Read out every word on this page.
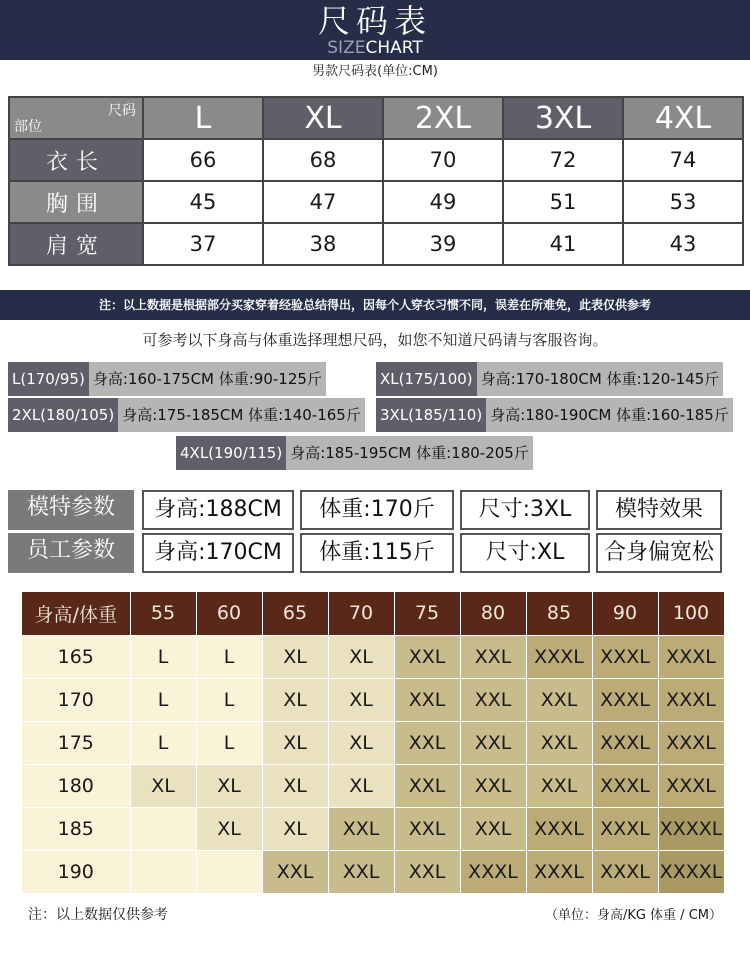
尺码表
SIZECHART
男款尺码表(单位:CM)
尺码
部位	L	XL	2XL	3XL	4XL
衣长	66	68	70	72	74
胸围	45	47	49	51	53
肩宽	37	38	39	41	43
注：以上数据是根据部分买家穿着经验总结得出，因每个人穿衣习惯不同，误差在所难免，此表仅供参考
可参考以下身高与体重选择理想尺码，如您不知道尺码请与客服咨询。
L(170/95) 身高:160-175CM 体重:90-125斤	XL(175/100) 身高:170-180CM 体重:120-145斤
2XL(180/105) 身高:175-185CM 体重:140-165斤 3XL(185/110) 身高:180-190CM 体重:160-185斤
4XL(190/115) 身高:185-195CM 体重:180-205斤
模特参数	身高:188CM	体重:170斤	尺寸:3XL	模特效果
员工参数	身高:170CM	体重:115斤	尺寸:XL	合身偏宽松
身高/体重	55	60	65	70	75	80	85	90	100
165	L	L	XL	XL	XXL	XXL	XXXL	XXXL	XXXL
170	L	L	XL	XL	XXL	XXL	XXL	XXXL	XXXL
175	L	L	XL	XL	XXL	XXL	XXL	XXXL	XXXL
180	XL	XL	XL	XL	XXL	XXL	XXL	XXXL	XXXL
185		XL	XL	XXL	XXL	XXL	XXXL	XXXL	XXXXL
190			XXL	XXL	XXL	XXXL	XXXL	XXXL	XXXXL
注：以上数据仅供参考	（单位：身高/KG 体重 / CM）
